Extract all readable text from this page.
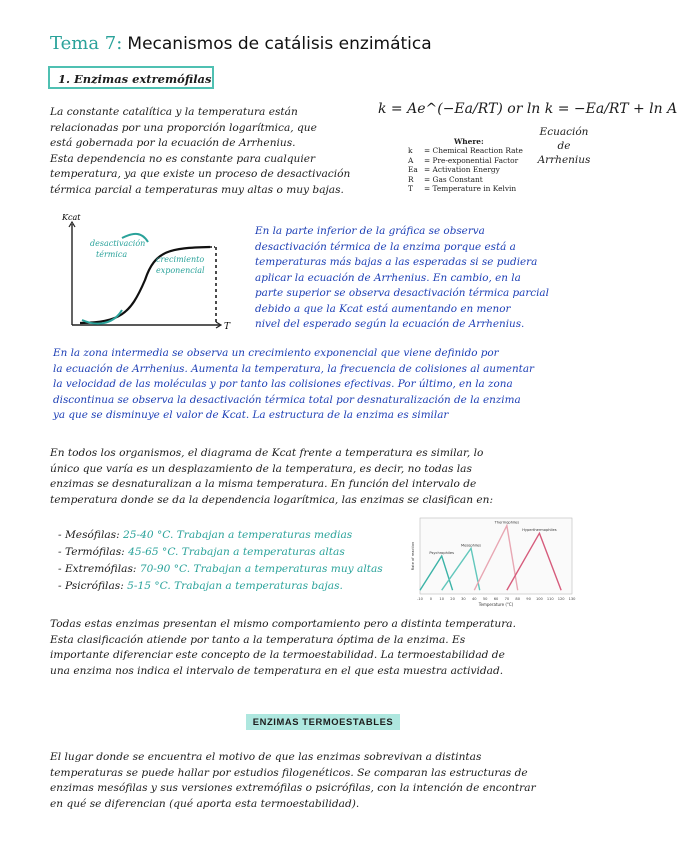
Tema 7: Mecanismos de catálisis enzimática
1. Enzimas extremófilas

La constante catalítica y la temperatura están

relacionadas por una proporción logarítmica, que

está gobernada por la ecuación de Arrhenius.

Esta dependencia no es constante para cualquier

temperatura, ya que existe un proceso de desactivación

térmica parcial a temperaturas muy altas o muy bajas.

k = Ae^(−Ea/RT) or ln k = −Ea/RT + ln A
Where:
k = Chemical Reaction Rate
A = Pre-exponential Factor
Ea = Activation Energy
R = Gas Constant
T = Temperature in Kelvin
Ecuación
de
Arrhenius
Kcat
T
desactivación
térmica
crecimiento
exponencial

En la parte inferior de la gráfica se observa

desactivación térmica de la enzima porque está a

temperaturas más bajas a las esperadas si se pudiera

aplicar la ecuación de Arrhenius. En cambio, en la

parte superior se observa desactivación térmica parcial

debido a que la Kcat está aumentando en menor

nivel del esperado según la ecuación de Arrhenius.

En la zona intermedia se observa un crecimiento exponencial que viene definido por

la ecuación de Arrhenius. Aumenta la temperatura, la frecuencia de colisiones al aumentar

la velocidad de las moléculas y por tanto las colisiones efectivas. Por último, en la zona

discontinua se observa la desactivación térmica total por desnaturalización de la enzima

ya que se disminuye el valor de Kcat. La estructura de la enzima es similar

En todos los organismos, el diagrama de Kcat frente a temperatura es similar, lo

único que varía es un desplazamiento de la temperatura, es decir, no todas las

enzimas se desnaturalizan a la misma temperatura. En función del intervalo de

temperatura donde se da la dependencia logarítmica, las enzimas se clasifican en:

- Mesófilas: 25-40 °C. Trabajan a temperaturas medias
- Termófilas: 45-65 °C. Trabajan a temperaturas altas
- Extremófilas: 70-90 °C. Trabajan a temperaturas muy altas
- Psicrófilas: 5-15 °C. Trabajan a temperaturas bajas.
Psychrophiles
Mesophiles
Thermophiles
Hyperthermophiles
-10 0 10 20 30 40 50 60 70 80 90 100 110 120 130
Temperature (°C)
Rate of reaction

Todas estas enzimas presentan el mismo comportamiento pero a distinta temperatura.

Esta clasificación atiende por tanto a la temperatura óptima de la enzima. Es

importante diferenciar este concepto de la termoestabilidad. La termoestabilidad de

una enzima nos indica el intervalo de temperatura en el que esta muestra actividad.

ENZIMAS TERMOESTABLES

El lugar donde se encuentra el motivo de que las enzimas sobrevivan a distintas

temperaturas se puede hallar por estudios filogenéticos. Se comparan las estructuras de

enzimas mesófilas y sus versiones extremófilas o psicrófilas, con la intención de encontrar

en qué se diferencian (qué aporta esta termoestabilidad).
